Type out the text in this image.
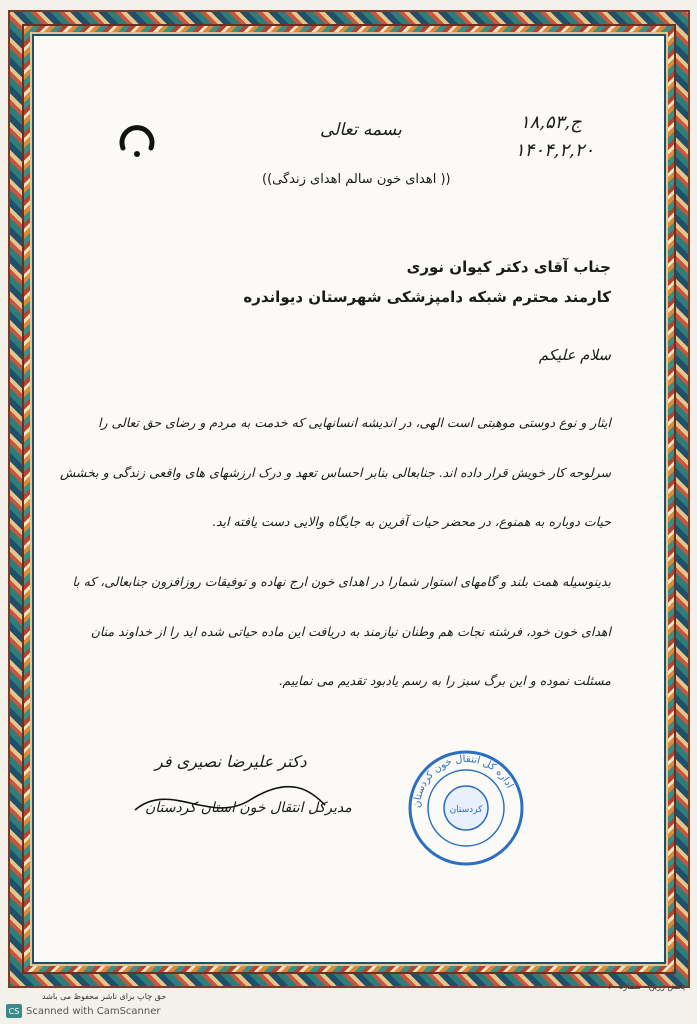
ج,۱۸,۵۳
۱۴۰۴,۲,۲۰
بسمه تعالی
(( اهدای خون سالم اهدای زندگی))
جناب آقای دکتر کیوان نوری
کارمند محترم شبکه دامپزشکی شهرستان دیواندره
سلام علیکم
ایثار و نوع دوستی موهبتی است الهی، در اندیشه انسانهایی که خدمت به مردم و رضای حق تعالی را
سرلوحه کار خویش قرار داده اند. جنابعالی بنابر احساس تعهد و درک ارزشهای های واقعی زندگی و بخشش
حیات دوباره به همنوع، در محضر حیات آفرین به جایگاه والایی دست یافته اید.
بدینوسیله همت بلند و گامهای استوار شمارا در اهدای خون ارج نهاده و توفیقات روزافزون جنابعالی، که با
اهدای خون خود، فرشته نجات هم وطنان نیازمند به دریافت این ماده حیاتی شده اید را از خداوند منان
مسئلت نموده و این برگ سبز را به رسم یادبود تقدیم می نماییم.
دکتر علیرضا نصیری فر
مدیرکل انتقال خون استان کردستان	اداره کل انتقال خون کردستان
کردستان
حق چاپ برای ناشر محفوظ می باشد
پخش زرین - شماره ۶۰
CS Scanned with CamScanner
